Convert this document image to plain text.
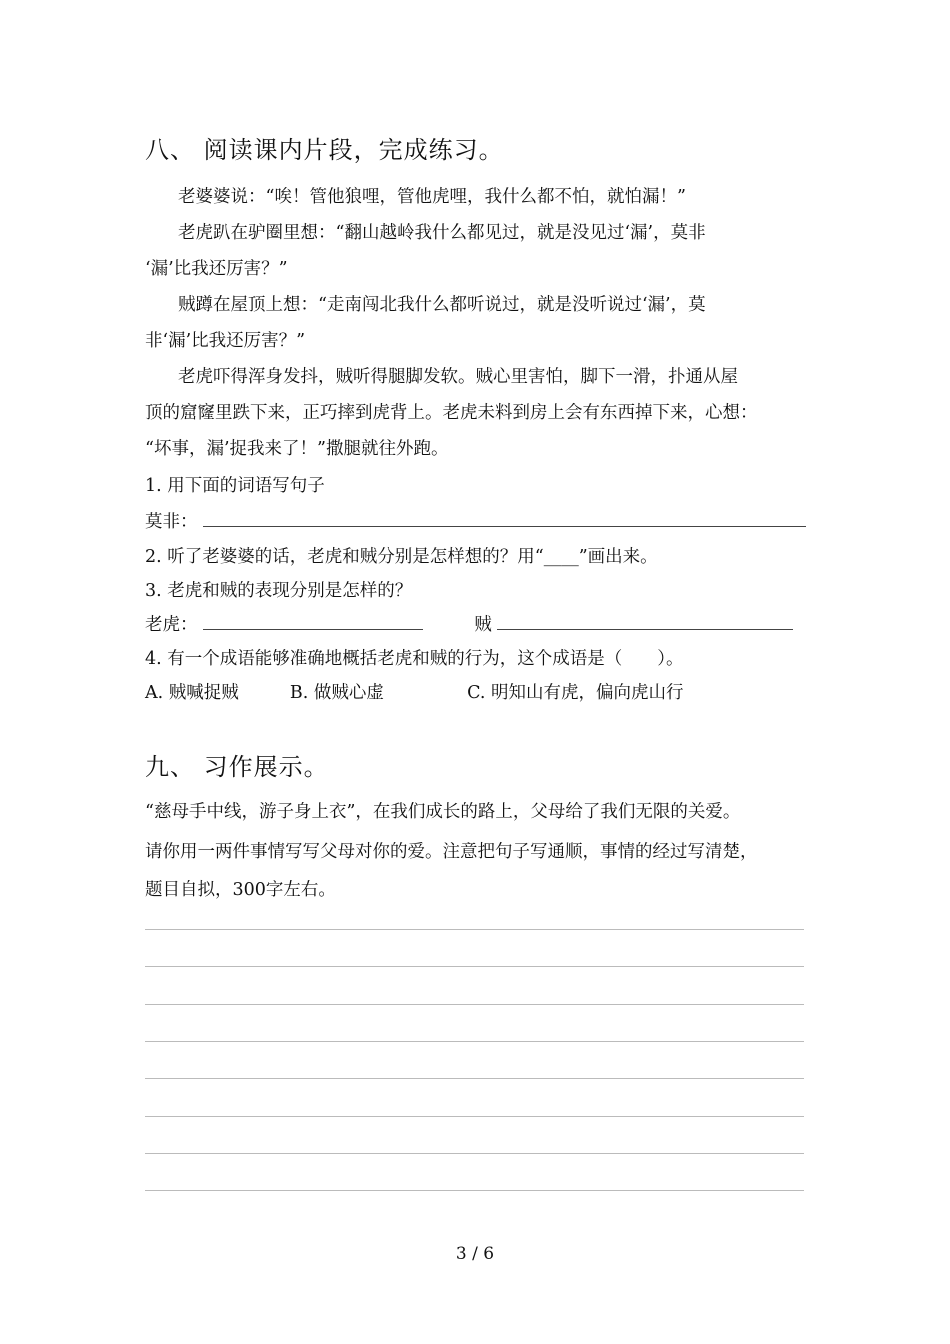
八、 阅读课内片段，完成练习。
老婆婆说：“唉！管他狼哩，管他虎哩，我什么都不怕，就怕漏！”
老虎趴在驴圈里想：“翻山越岭我什么都见过，就是没见过‘漏’，莫非
‘漏’比我还厉害？”
贼蹲在屋顶上想：“走南闯北我什么都听说过，就是没听说过‘漏’，莫
非‘漏’比我还厉害？”
老虎吓得浑身发抖，贼听得腿脚发软。贼心里害怕，脚下一滑，扑通从屋
顶的窟窿里跌下来，正巧摔到虎背上。老虎未料到房上会有东西掉下来，心想：
“坏事，漏’捉我来了！”撒腿就往外跑。
1. 用下面的词语写句子
莫非：
2. 听了老婆婆的话，老虎和贼分别是怎样想的？用“____”画出来。
3. 老虎和贼的表现分别是怎样的？
老虎：	贼
4. 有一个成语能够准确地概括老虎和贼的行为，这个成语是（　　）。
A. 贼喊捉贼	B. 做贼心虚	C. 明知山有虎，偏向虎山行
九、 习作展示。
“慈母手中线，游子身上衣”，在我们成长的路上，父母给了我们无限的关爱。
请你用一两件事情写写父母对你的爱。注意把句子写通顺，事情的经过写清楚，
题目自拟，300字左右。
3 / 6
